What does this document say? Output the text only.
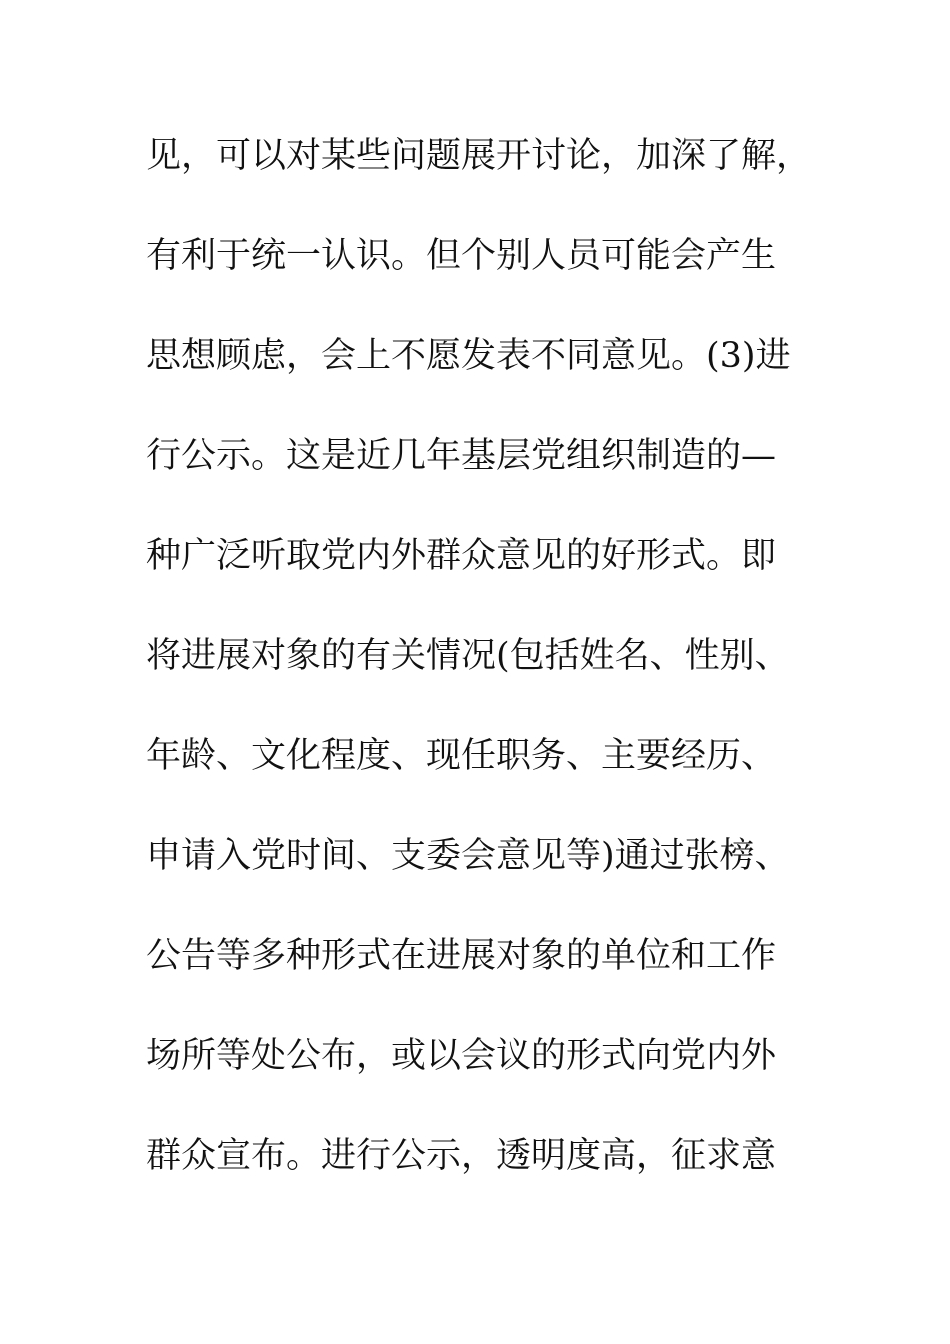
见，可以对某些问题展开讨论，加深了解，
有利于统一认识。但个别人员可能会产生
思想顾虑，会上不愿发表不同意见。(3)进
行公示。这是近几年基层党组织制造的—
种广泛听取党内外群众意见的好形式。即
将进展对象的有关情况(包括姓名、性别、
年龄、文化程度、现任职务、主要经历、
申请入党时间、支委会意见等)通过张榜、
公告等多种形式在进展对象的单位和工作
场所等处公布，或以会议的形式向党内外
群众宣布。进行公示，透明度高，征求意
